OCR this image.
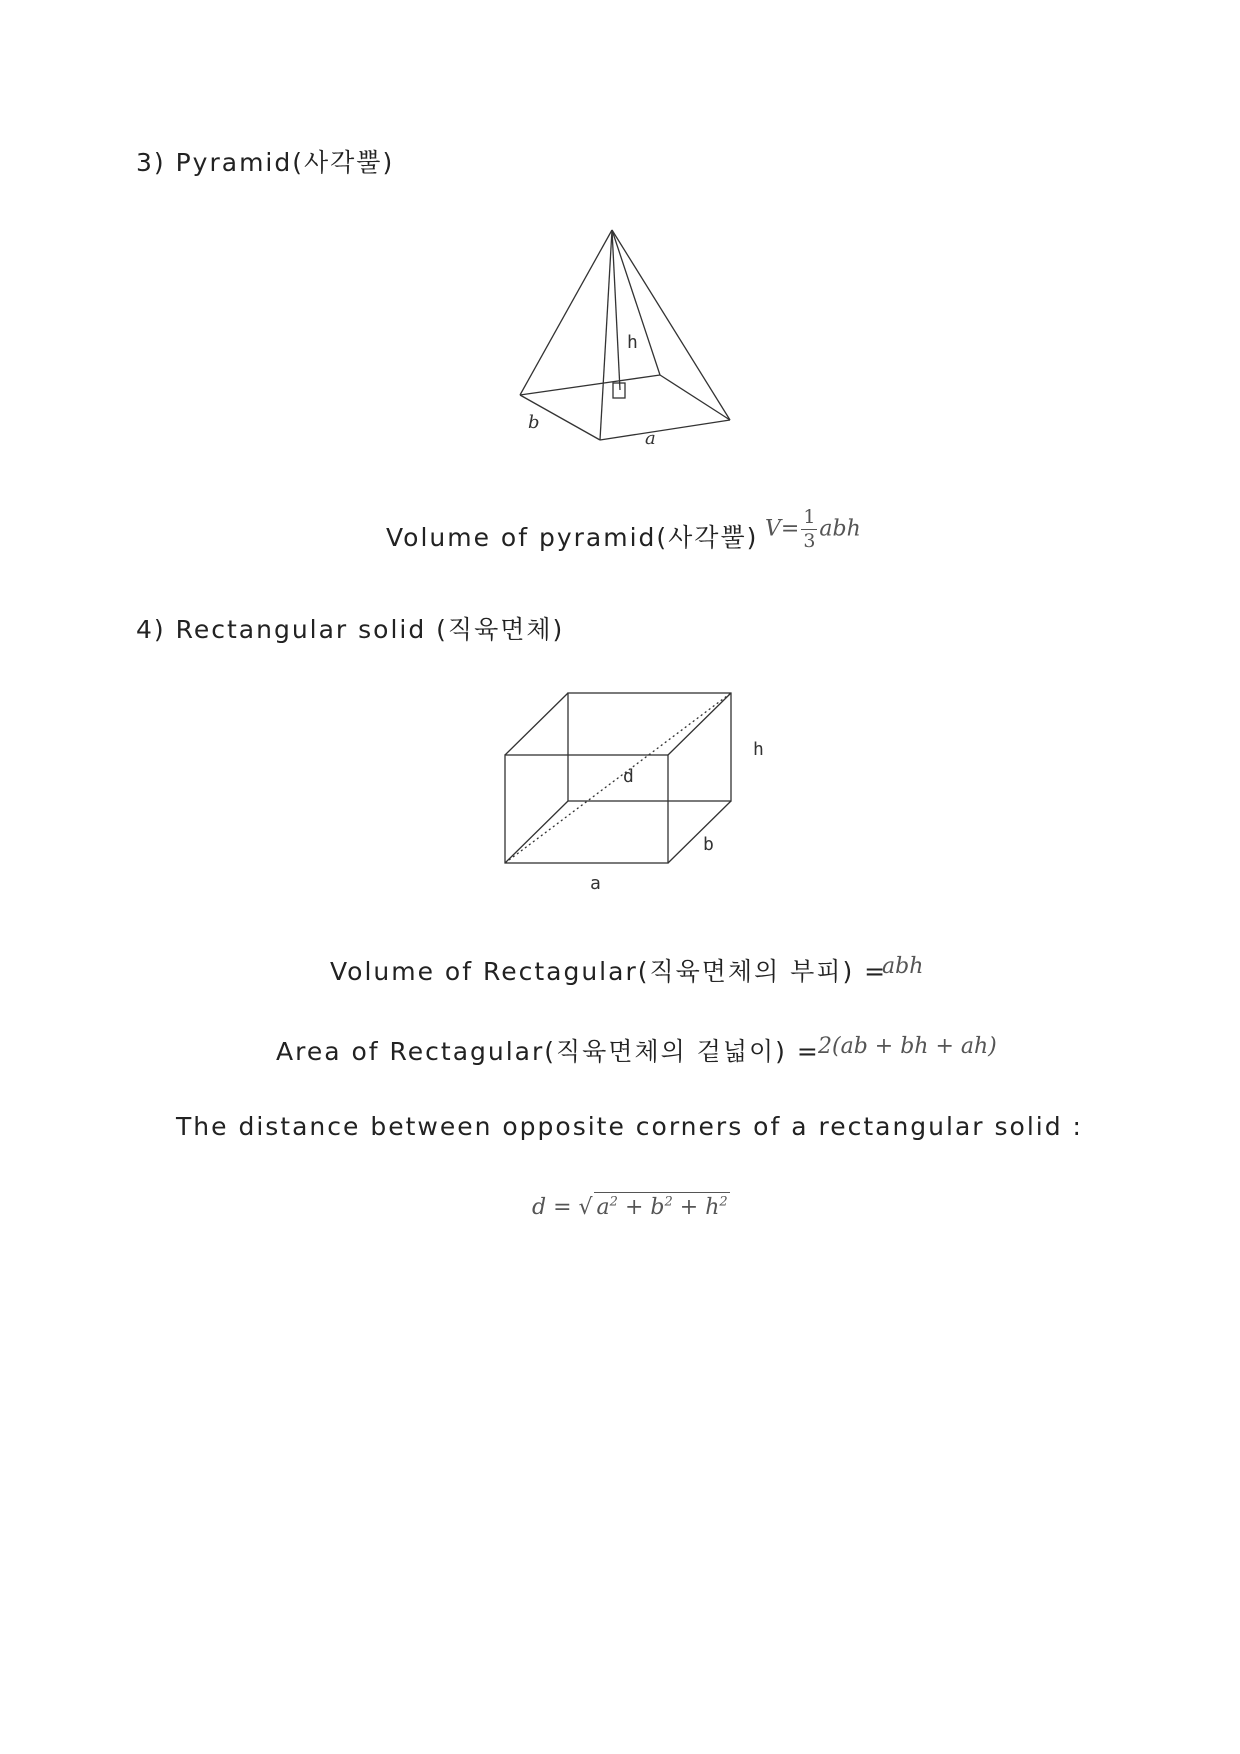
3) Pyramid(사각뿔)
h
b
a
Volume of pyramid(사각뿔) $V= \frac{1}{3}$ abh
4) Rectangular solid (직육면체)
h
d
a
b
Volume of Rectagular(직육면체의 부피) =
abh
Area of Rectagular(직육면체의 겉넓이) =
2(ab + bh + ah)
The distance between opposite corners of a rectangular solid :
d = √ $a^2 + b^2 + h^2$
